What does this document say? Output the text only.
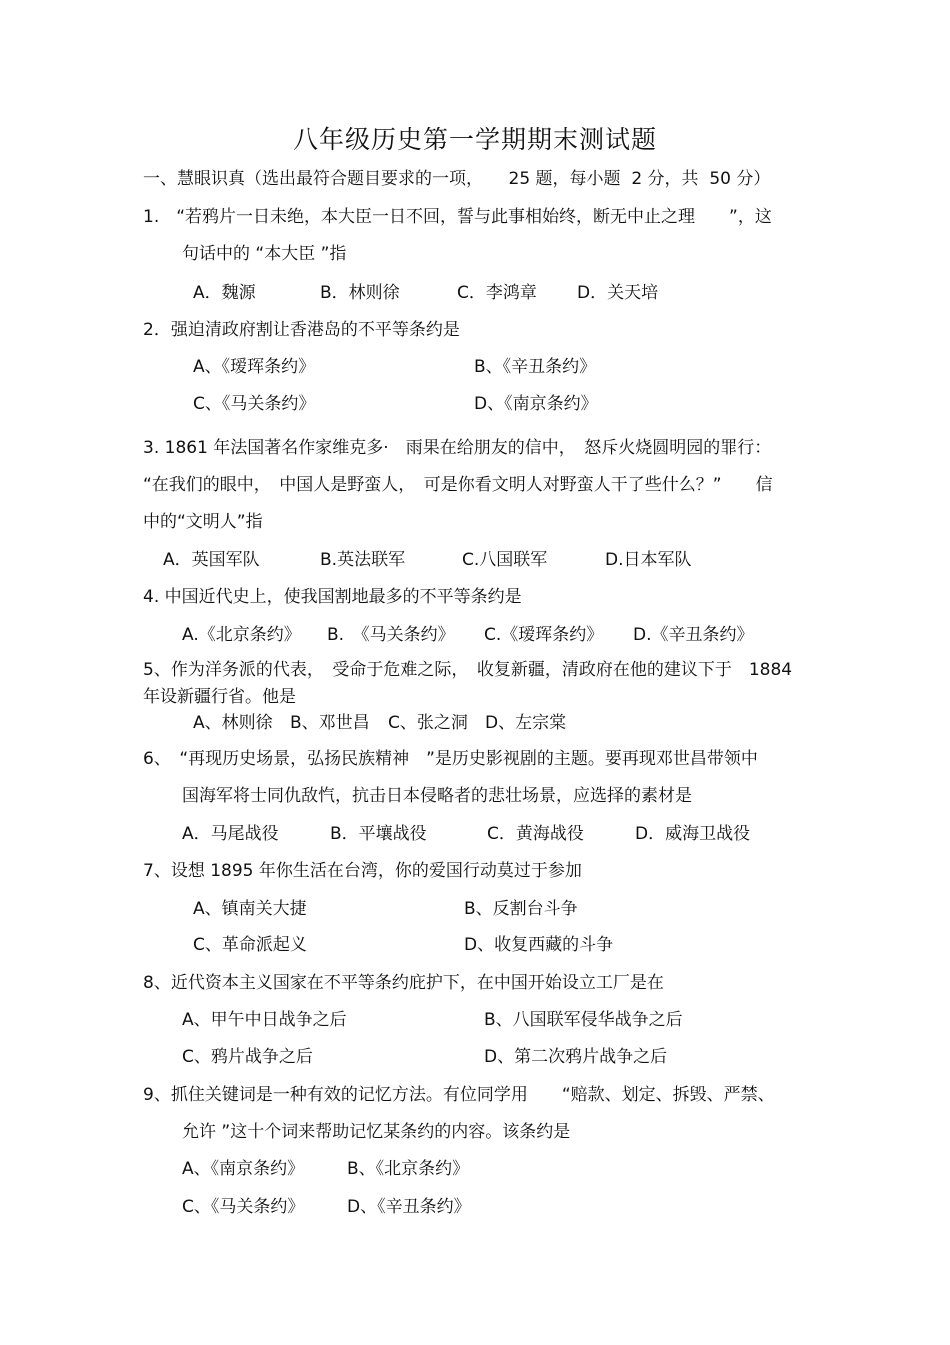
八年级历史第一学期期末测试题
一、慧眼识真（选出最符合题目要求的一项，　　25 题，每小题  2 分，共  50 分）
1.　“若鸦片一日未绝，本大臣一日不回，誓与此事相始终，断无中止之理　　”，这
句话中的 “本大臣 ”指
A．魏源	B．林则徐	C．李鸿章 D．关天培
2．强迫清政府割让香港岛的不平等条约是
A、《瑷珲条约》	B、《辛丑条约》
C、《马关条约》	D、《南京条约》
3. 1861 年法国著名作家维克多·　雨果在给朋友的信中，　怒斥火烧圆明园的罪行：
“在我们的眼中，　中国人是野蛮人，　可是你看文明人对野蛮人干了些什么？”　　信
中的“文明人”指
A．英国军队	B.英法联军	C.八国联军	D.日本军队
4. 中国近代史上，使我国割地最多的不平等条约是
A.《北京条约》 B.　《马关条约》 C.《瑷珲条约》 D.《辛丑条约》
5、作为洋务派的代表，　受命于危难之际，　收复新疆，清政府在他的建议下于　1884
年设新疆行省。他是
A、林则徐 B、邓世昌 C、张之洞 D、左宗棠
6、　“再现历史场景，弘扬民族精神　”是历史影视剧的主题。要再现邓世昌带领中
国海军将士同仇敌忾，抗击日本侵略者的悲壮场景，应选择的素材是
A．马尾战役	B．平壤战役	C．黄海战役	D．威海卫战役
7、设想 1895 年你生活在台湾，你的爱国行动莫过于参加
A、镇南关大捷	B、反割台斗争
C、革命派起义	D、收复西藏的斗争
8、近代资本主义国家在不平等条约庇护下，在中国开始设立工厂是在
A、甲午中日战争之后	B、八国联军侵华战争之后
C、鸦片战争之后	D、第二次鸦片战争之后
9、抓住关键词是一种有效的记忆方法。有位同学用　　“赔款、划定、拆毁、严禁、
允许 ”这十个词来帮助记忆某条约的内容。该条约是
A、《南京条约》	B、《北京条约》
C、《马关条约》	D、《辛丑条约》
